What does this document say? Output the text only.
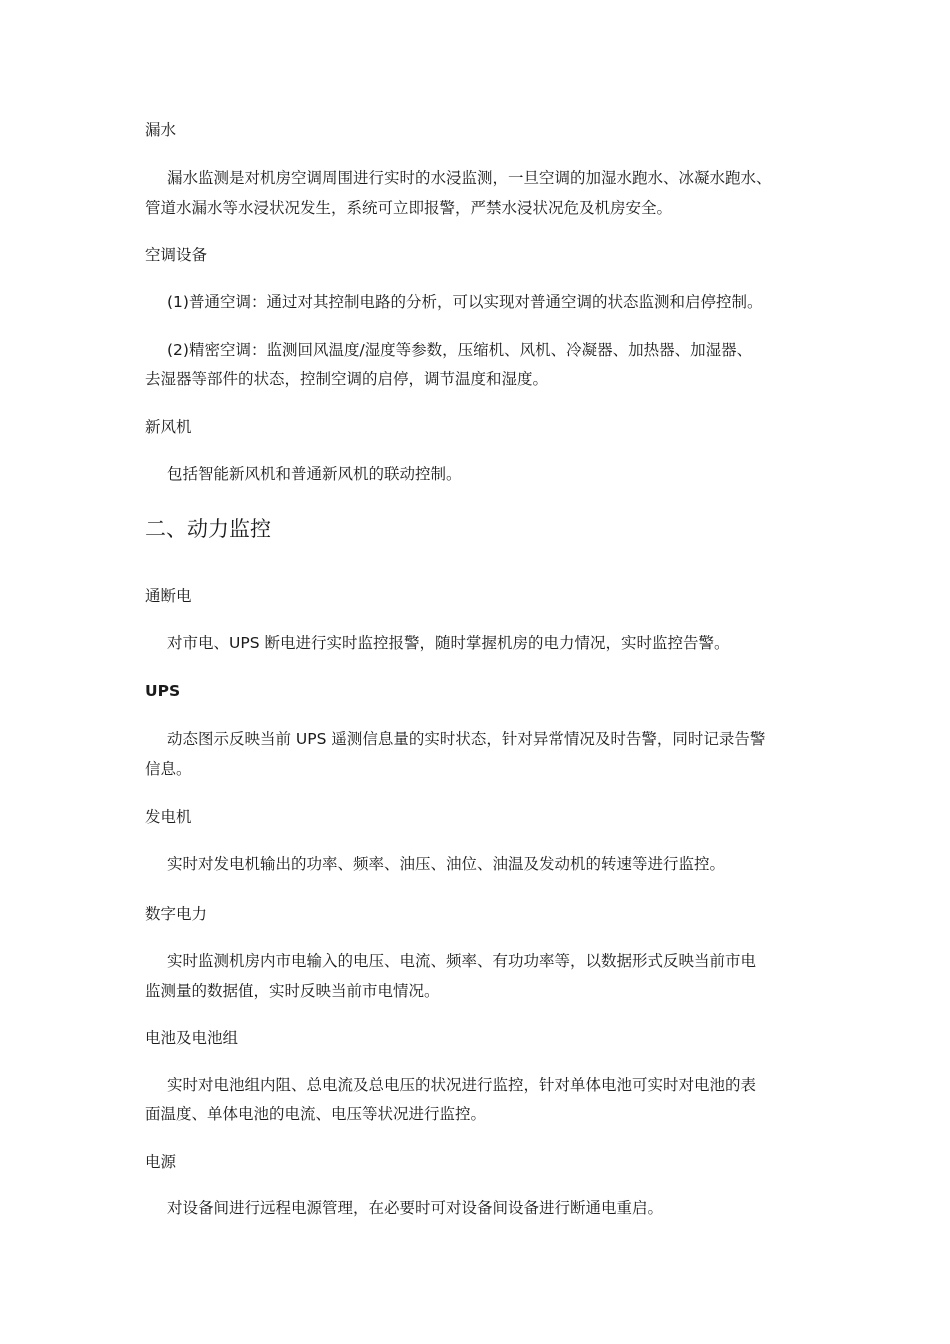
漏水

漏水监测是对机房空调周围进行实时的水浸监测，一旦空调的加湿水跑水、冰凝水跑水、

管道水漏水等水浸状况发生，系统可立即报警，严禁水浸状况危及机房安全。

空调设备

(1)普通空调：通过对其控制电路的分析，可以实现对普通空调的状态监测和启停控制。

(2)精密空调：监测回风温度/湿度等参数，压缩机、风机、冷凝器、加热器、加湿器、

去湿器等部件的状态，控制空调的启停，调节温度和湿度。

新风机

包括智能新风机和普通新风机的联动控制。

二、动力监控

通断电

对市电、UPS 断电进行实时监控报警，随时掌握机房的电力情况，实时监控告警。

UPS

动态图示反映当前 UPS 遥测信息量的实时状态，针对异常情况及时告警，同时记录告警

信息。

发电机

实时对发电机输出的功率、频率、油压、油位、油温及发动机的转速等进行监控。

数字电力

实时监测机房内市电输入的电压、电流、频率、有功功率等，以数据形式反映当前市电

监测量的数据值，实时反映当前市电情况。

电池及电池组

实时对电池组内阻、总电流及总电压的状况进行监控，针对单体电池可实时对电池的表

面温度、单体电池的电流、电压等状况进行监控。

电源

对设备间进行远程电源管理，在必要时可对设备间设备进行断通电重启。
